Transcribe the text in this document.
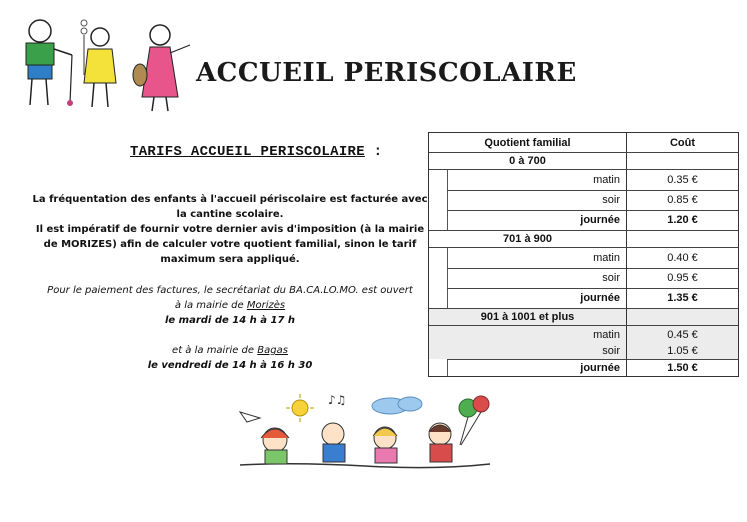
ACCUEIL PERISCOLAIRE
TARIFS ACCUEIL PERISCOLAIRE :
La fréquentation des enfants à l'accueil périscolaire est facturée avec
la cantine scolaire.
Il est impératif de fournir votre dernier avis d'imposition (à la mairie
de MORIZES) afin de calculer votre quotient familial, sinon le tarif
maximum sera appliqué.
Pour le paiement des factures, le secrétariat du BA.CA.LO.MO. est ouvert
à la mairie de Morizès
le mardi de 14 h à 17 h
et à la mairie de Bagas
le vendredi de 14 h à 16 h 30
Quotient familial	Coût
0 à 700
matin	0.35 €
soir	0.85 €
journée	1.20 €
701 à 900
matin	0.40 €
soir	0.95 €
journée	1.35 €
901 à 1001 et plus
matin	0.45 €
soir	1.05 €
journée	1.50 €
♪♫
